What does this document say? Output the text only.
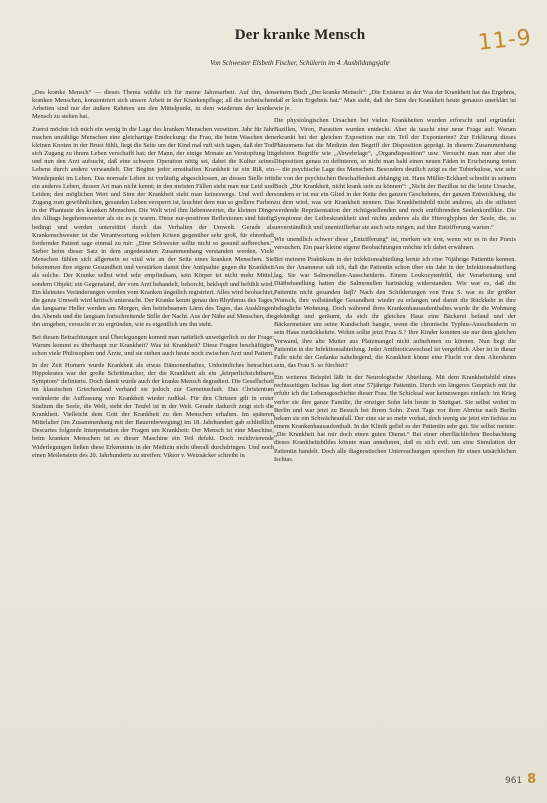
11-9
Der kranke Mensch
Von Schwester Elsbeth Fischer, Schülerin im 4. Ausbildungsjahr

„Des kranke Mensch“ — dieses Thema wählte ich für meine Jahresarbeit. Auf ihn, den kranken Menschen, konzentriert sich unsere Arbeit in der Krankenpflege; all die technischen Arbeiten sind nur der äußere Rahmen um den Mittelpunkt, in dem wiederum der kranke Mensch zu stehen hat.

Zuerst möchte ich mich ein wenig in die Lage des kranken Menschen versetzen. Jahr für Jahr machen unzählige Menschen eine gleichartige Entdeckung: die Frau, die beim Waschen den kleinen Knoten in der Brust fühlt, liegt die Seite um der Kind mal ruft sich tagen, daß der Tod sich Zugang zu ihrem Leben verschafft hat; der Mann, der einige Monate an Verstopfung litt und nun den Arzt aufsucht, daß eine schwere Operation nötig sei, dabei die Kultur seines Lebens durch andere verwandelt. Der Beginn jeder ernsthaften Krankheit ist ein Riß, ein Wendepunkt im Leben. Das normale Leben ist vorläufig abgeschlossen, an dessen Stelle tritt ein anderes Leben, dessen Art man nicht kennt; in den meisten Fällen sieht man nur Leid und Leiden; den möglichen Wert und Sinn der Krankheit sieht man keineswegs. Und weil der Zugang zum gewöhnlichen, gesunden Leben versperrt ist, leuchtet dem nun so grellere Farben in der Phantasie des kranken Menschen. Die Welt wird ihm liebenswerter, die kleinen Dinge des Alltags begehrenswerter als sie es je waren. Diese nur-positiven Reflexionen sind häufig bedingt und werden unterstützt durch das Verhalten der Umwelt. Gerade als Krankenschwester ist die Verantwortung solchen Krisen gegenüber sehr groß, für ehrenhaft fordernder Patient sage einmal zu mir: „Eine Schwester sollte nicht so gesund aufbrechen.“ Sieber beim dieser Satz in dem angedeuteten Zusammenhang verstanden werden. Viele Menschen fühlen sich allgemein so vital wie an der Seite eines kranken Menschen. Sie bekommen ihre eigene Gesundheit und verstärken damit ihre Antipathie gegen die Krankheit als solche. Der Kranke selbst wird sehr empfindsam, sein Körper ist nicht mehr Mittel, sondern Objekt: ein Gegenstand, der vom Arzt behandelt, behorcht, beklopft und befühlt wird. Ein kleinstes Veränderungen werden vom Kranken ängstlich registriert. Alles wird beobachtet, die ganze Umwelt wird kritisch untersucht. Der Kranke kennt genau den Rhythmus des Tages, das langsame Heller werden am Morgen, den betriebsamen Lärm des Tages, das Ausklingen des Abends und die langsam fortschreitende Stille der Nacht. Aus der Nähe auf Menschen, die ihn umgeben, versucht er zu ergründen, wie es eigentlich um ihn steht.

Bei diesen Betrachtungen und Überlegungen kommt man natürlich unweigerlich zu der Frage: Warum kommt es überhaupt zur Krankheit? Was ist Krankheit? Diese Fragen beschäftigten schon viele Philosophen und Ärzte, und sie stehen auch heute noch zwischen Arzt und Patient.

In der Zeit Homers wurde Krankheit als etwas Dämonenhaftes, Unheimliches betrachtet. Hippokrates war der große Schrittmacher, der die Krankheit als ein „körperlichsichtbares Symptom“ definierte. Doch damit wurde auch der kranke Mensch degradiert. Die Gesellschaft im klassischen Griechenland verband sie jedoch zur Gemeinschaft. Das Christentum veränderte die Auffassung von Krankheit wieder radikal. Für den Christen gilt in erster Stadium die Seele, die Welt, sieht der Teufel ist in der Welt. Gerade dadurch zeigt sich die Krankheit. Vielleicht dem Gott der Krankheit zu den Menschen erhalten. Im späteren Mittelalter (im Zusammenhang mit der Bauernbewegung) im 18. Jahrhundert gab schließlich Descartes folgende Interpretation der Fragen um Krankheit: Der Mensch ist eine Maschine, beim kranken Menschen ist es dieser Maschine ein Teil defekt. Doch rezidivierende Widerlegungen ließen diese Erkenntnis in der Medizin nicht überall durchdringen. Und noch einen Meilenstein des 20. Jahrhunderts zu streifen: Viktor v. Weizsäcker schreibt in

seinem Buch „Der kranke Mensch“: „Die Existenz in der Was der Krankheit hat das Ergebnis, daß er kein Ergebnis hat.“ Man sieht, daß der Sinn der Krankheit heute genauso unerklärt ist wie je.

Die physiologischen Ursachen bei vielen Krankheiten wurden erforscht und ergründet: Bazillen, Viren, Parasiten wurden entdeckt. Aber da taucht eine neue Frage auf: Warum erkrankt bei der gleichen Exposition nur ein Teil der Exponierten? Zur Erklärung dieses Phänomens hat die Medizin den Begriff der Disposition geprägt. In diesem Zusammenhang gehören Begriffe wie „Abwehrlage“, „Organdisposition“ usw. Versucht man nun aber die Disposition genau zu definieren, so nicht man bald einen neuen Fäden in Erscheinung treten — die psychische Lage des Menschen. Besonders deutlich zeigt es der Tuberkulose, wie sehr die von der psychischen Beschaffenheit abhängig ist. Hans Müller-Eckhard schreibt in seinem Buch „Die Krankheit, nicht krank sein zu können“: „Nicht der Bazillus ist die letzte Ursache, sondern er ist nur ein Glied in der Kette des ganzen Geschehens, der ganzen Entwicklung, die zu dem wird, was wir Krankheit nennen. Das Krankheitsbild nicht anderes, als die stilisiert werdende Repräsentation der richtigstellenden und noch entführenden Seelenkonflikte. Die Symptome der Leibeskrankheit sind nichts anderes als die Hieroglyphen der Seele, die, so unverständlich und unentzifferbar sie auch sein mögen, auf ihre Entzifferung warten.“

Wie unendlich schwer diese „Entzifferung“ ist, merken wir erst, wenn wir es in der Praxis versuchen. Ein paar kleine eigene Beobachtungen möchte ich dabei erwähnen.

Bei meinem Praktikum in der Infektionsabteilung lernte ich eine 76jährige Patientin kennen. Aus der Anamnese sah ich, daß die Patientin schon über ein Jahr in der Infektionsabteilung lag. Sie war Salmonellen-Ausscheiderin. Einem Leukozytenbild, der Verarbeitung und Diätbehandlung hatten die Salmonellen hartnäckig widerstanden. Wie war es, daß die Patientin nicht gesunden lieβ? Nach den Schilderungen von Frau S. war es ihr größter Wunsch, ihre vollständige Gesundheit wieder zu erlangen und damit die Rückkehr in ihre behagliche Wohnung. Doch während ihres Krankenhausaufenthaltes wurde ihr die Wohnung gekündigt und geräumt, da sich ihr gleichen Haus eine Bäckerei befand und der Bäckermeister um seine Kundschaft bangte, wenn die chronische Typhus-Ausscheiderin in sein Haus zurückkehrte. Wohin sollte jetzt Frau S.? Ihre Kinder konnten sie nur dem gleichen Vorwand, ihre alte Mutter aus Platzmangel nicht aufnehmen zu können. Nun liegt die Patientin in der Infektionsabteilung. Jeder Antibioticawechsel ist vergeblich. Aber ist in dieser Falle nicht der Gedanke naheliegend, die Krankheit könne eine Flucht vor dem Altersheim sein, das Frau S. so fürchtet?

Ein weiteres Beispiel läßt in der Neurologische Abteilung. Mit dem Krankheitsbild eines rechtsseitigen Ischias lag dort eine 57jährige Patientin. Durch ein längeres Gespräch mit ihr erfuhr ich die Lebensgeschichte dieser Frau. Ihr Schicksal war keinesweges einfach: im Krieg verlor sie ihre ganze Familie, ihr einziger Sohn lebt heute in Stuttgart. Sie selbst wohnt in Berlin und war jetzt zu Besuch bei ihrem Sohn. Zwei Tage vor ihrer Abreise nach Berlin bekam sie ein Schwächeanfall. Der eine sie so mehr vorhat, doch wenig sie jetzt ein Ischias zu einem Krankenhausaufenthalt. In der Klinik gefiel es der Patientin sehr gut. Sie selbst meinte: „Die Krankheit hat mir doch einen guten Dienst.“ Bei einer oberflächlichen Beobachtung dieses Krankheitsbildes könnte man annehmen, daß es sich evtl. um eine Simulation der Patientin handelt. Doch alle diagnostischen Untersuchungen sprechen für einen tatsächlichen Ischias.

961 8
